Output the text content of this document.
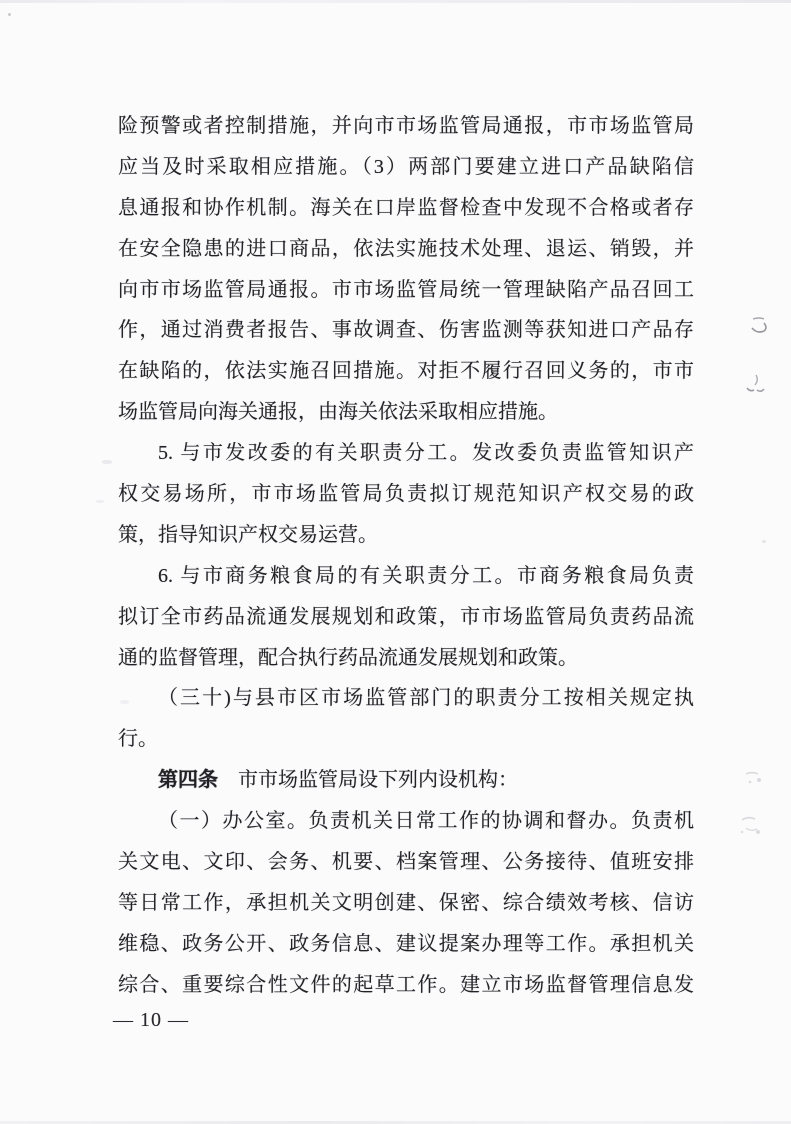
险预警或者控制措施，并向市市场监管局通报，市市场监管局
应当及时采取相应措施。（3）两部门要建立进口产品缺陷信
息通报和协作机制。海关在口岸监督检查中发现不合格或者存
在安全隐患的进口商品，依法实施技术处理、退运、销毁，并
向市市场监管局通报。市市场监管局统一管理缺陷产品召回工
作，通过消费者报告、事故调查、伤害监测等获知进口产品存
在缺陷的，依法实施召回措施。对拒不履行召回义务的，市市
场监管局向海关通报，由海关依法采取相应措施。
5. 与市发改委的有关职责分工。发改委负责监管知识产
权交易场所，市市场监管局负责拟订规范知识产权交易的政
策，指导知识产权交易运营。
6. 与市商务粮食局的有关职责分工。市商务粮食局负责
拟订全市药品流通发展规划和政策，市市场监管局负责药品流
通的监督管理，配合执行药品流通发展规划和政策。
（三十)与县市区市场监管部门的职责分工按相关规定执
行。
第四条 市市场监管局设下列内设机构：
（一）办公室。负责机关日常工作的协调和督办。负责机
关文电、文印、会务、机要、档案管理、公务接待、值班安排
等日常工作，承担机关文明创建、保密、综合绩效考核、信访
维稳、政务公开、政务信息、建议提案办理等工作。承担机关
综合、重要综合性文件的起草工作。建立市场监督管理信息发
— 10 —
